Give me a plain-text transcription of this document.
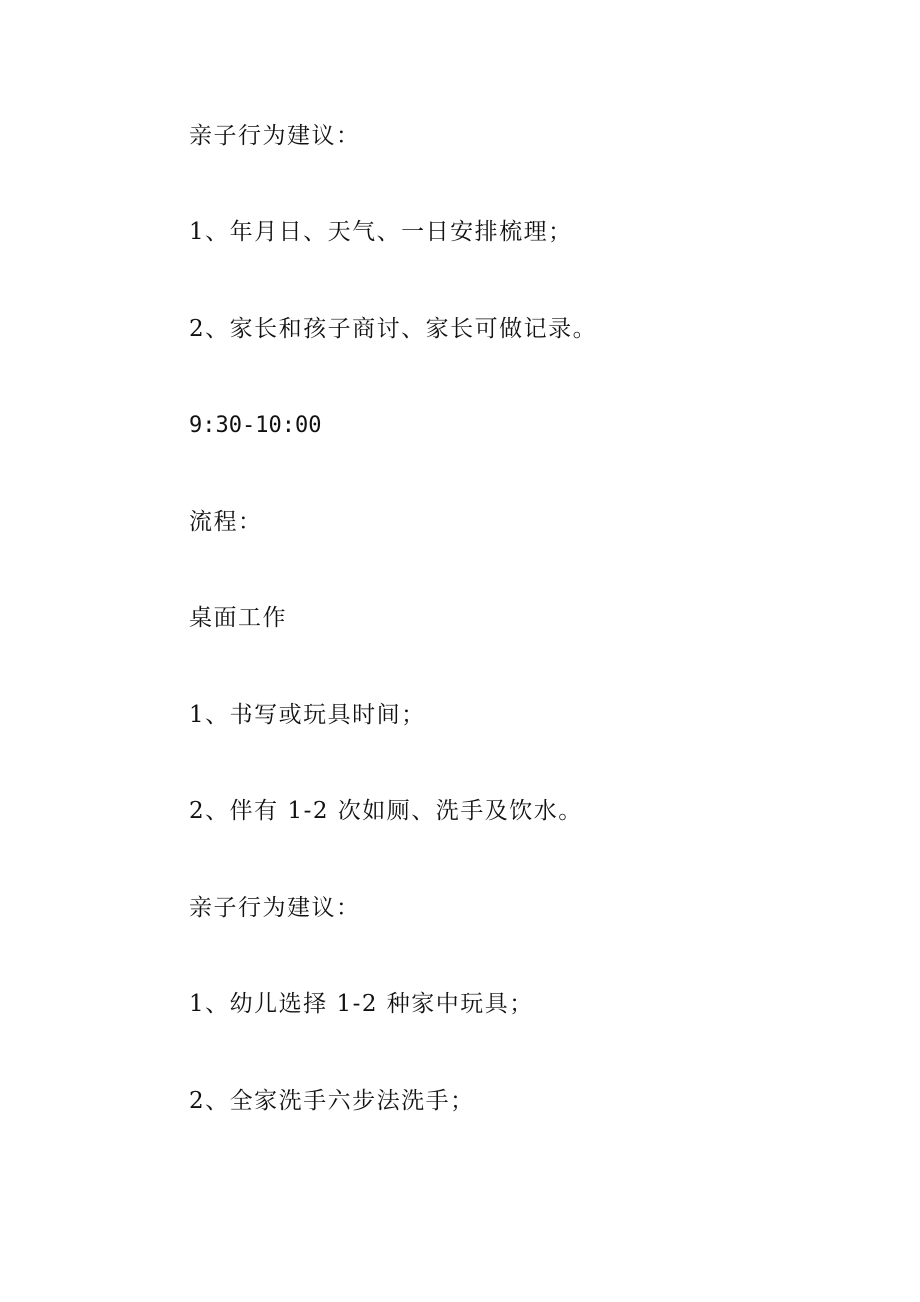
亲子行为建议：
1、年月日、天气、一日安排梳理；
2、家长和孩子商讨、家长可做记录。
9:30-10:00
流程：
桌面工作
1、书写或玩具时间；
2、伴有 1-2 次如厕、洗手及饮水。
亲子行为建议：
1、幼儿选择 1-2 种家中玩具；
2、全家洗手六步法洗手；
